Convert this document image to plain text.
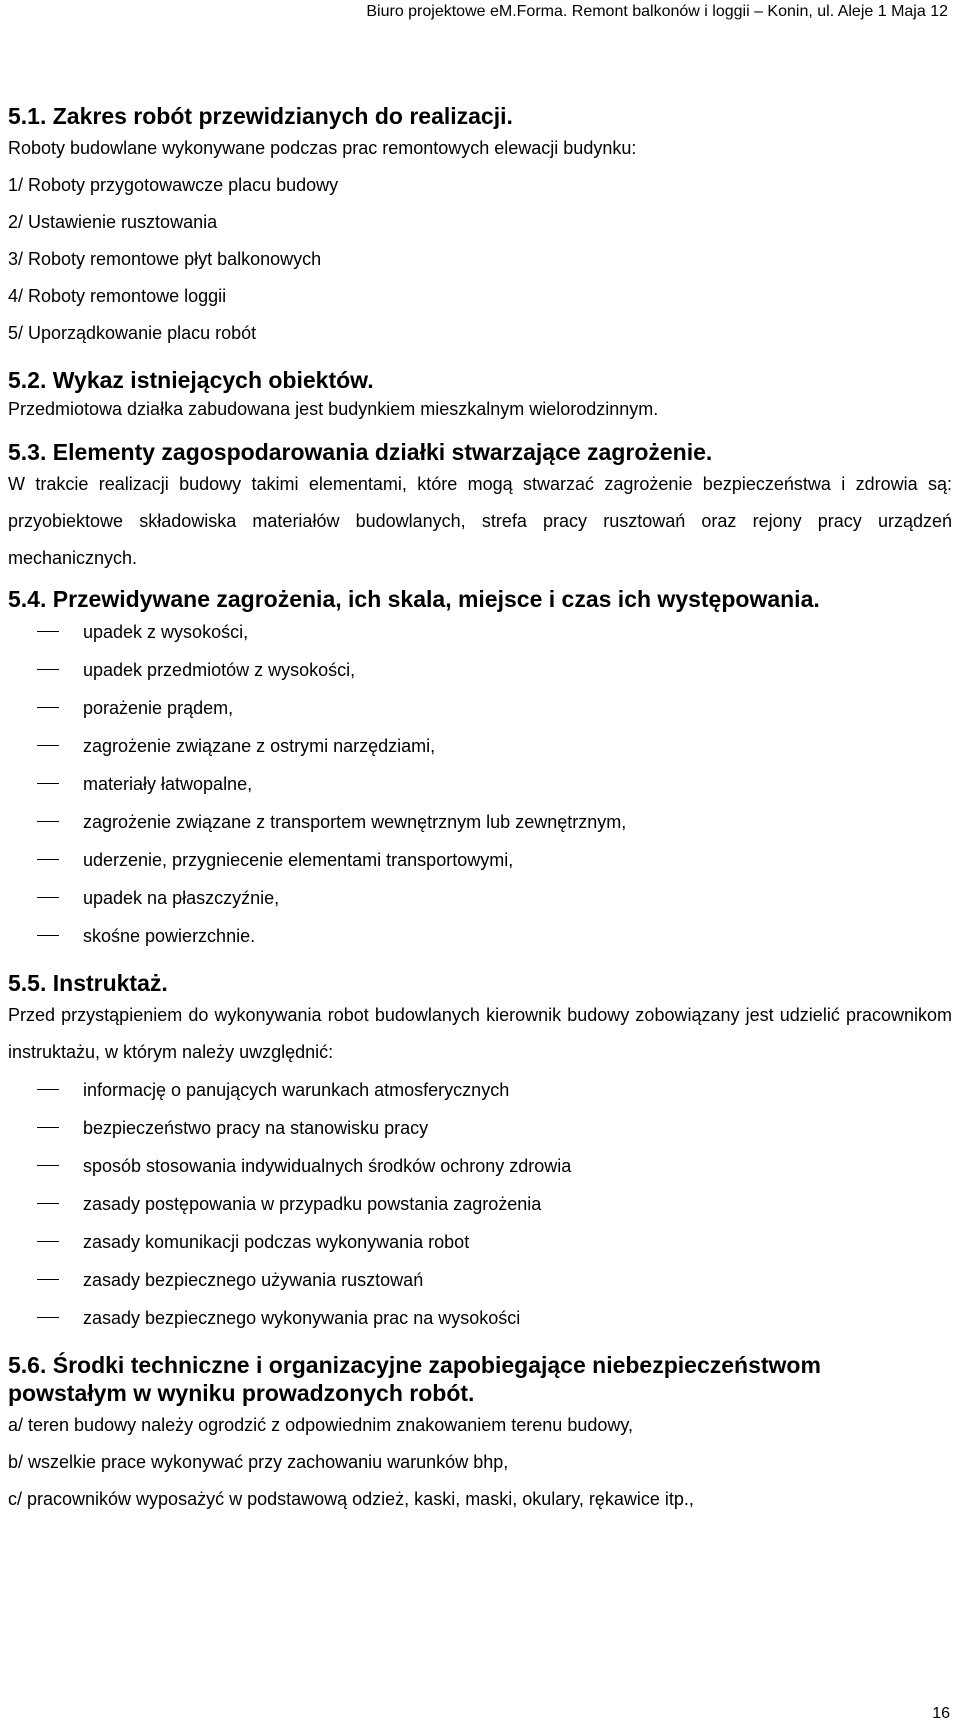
Biuro projektowe eM.Forma. Remont balkonów i loggii – Konin, ul. Aleje 1 Maja 12
5.1. Zakres robót przewidzianych do realizacji.

Roboty budowlane wykonywane podczas prac remontowych elewacji budynku:

1/ Roboty przygotowawcze placu budowy

2/ Ustawienie rusztowania

3/ Roboty remontowe płyt balkonowych

4/ Roboty remontowe loggii

5/ Uporządkowanie placu robót

5.2. Wykaz istniejących obiektów.

Przedmiotowa działka zabudowana jest budynkiem mieszkalnym wielorodzinnym.

5.3. Elementy zagospodarowania działki stwarzające zagrożenie.

W trakcie realizacji budowy takimi elementami, które mogą stwarzać zagrożenie bezpieczeństwa i zdrowia są: przyobiektowe składowiska materiałów budowlanych, strefa pracy rusztowań oraz rejony pracy urządzeń mechanicznych.

5.4. Przewidywane zagrożenia, ich skala, miejsce i czas ich występowania.
upadek z wysokości,
upadek przedmiotów z wysokości,
porażenie prądem,
zagrożenie związane z ostrymi narzędziami,
materiały łatwopalne,
zagrożenie związane z transportem wewnętrznym lub zewnętrznym,
uderzenie, przygniecenie elementami transportowymi,
upadek na płaszczyźnie,
skośne powierzchnie.
5.5. Instruktaż.

Przed przystąpieniem do wykonywania robot budowlanych kierownik budowy zobowiązany jest udzielić pracownikom instruktażu, w którym należy uwzględnić:

informację o panujących warunkach atmosferycznych
bezpieczeństwo pracy na stanowisku pracy
sposób stosowania indywidualnych środków ochrony zdrowia
zasady postępowania w przypadku powstania zagrożenia
zasady komunikacji podczas wykonywania robot
zasady bezpiecznego używania rusztowań
zasady bezpiecznego wykonywania prac na wysokości
5.6. Środki techniczne i organizacyjne zapobiegające niebezpieczeństwom
powstałym w wyniku prowadzonych robót.

a/ teren budowy należy ogrodzić z odpowiednim znakowaniem terenu budowy,

b/ wszelkie prace wykonywać przy zachowaniu warunków bhp,

c/ pracowników wyposażyć w podstawową odzież, kaski, maski, okulary, rękawice itp.,

16
